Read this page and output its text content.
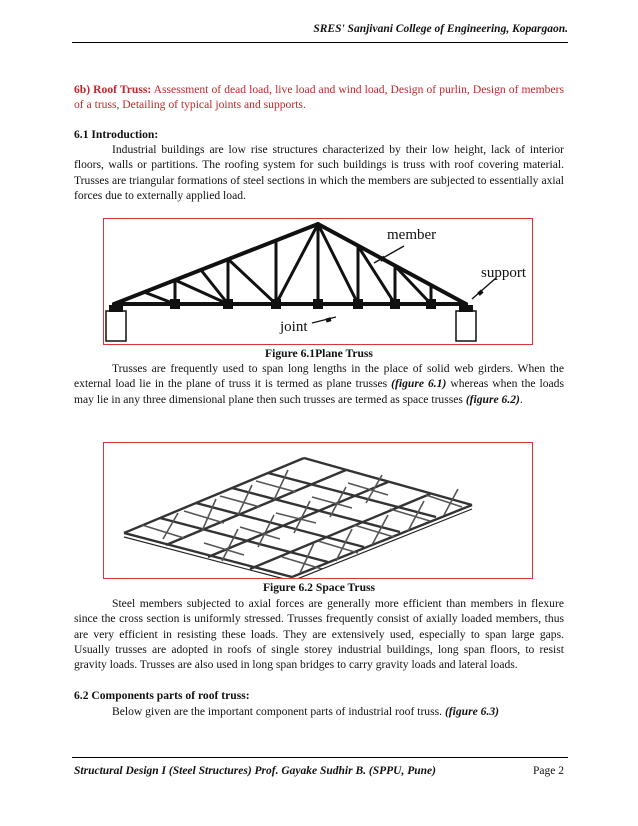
SRES' Sanjivani College of Engineering, Kopargaon.
6b) Roof Truss: Assessment of dead load, live load and wind load, Design of purlin, Design of members of a truss, Detailing of typical joints and supports.
6.1 Introduction:
Industrial buildings are low rise structures characterized by their low height, lack of interior floors, walls or partitions. The roofing system for such buildings is truss with roof covering material. Trusses are triangular formations of steel sections in which the members are subjected to essentially axial forces due to externally applied load.
member
support
joint
Figure 6.1Plane Truss
Trusses are frequently used to span long lengths in the place of solid web girders. When the external load lie in the plane of truss it is termed as plane trusses (figure 6.1) whereas when the loads may lie in any three dimensional plane then such trusses are termed as space trusses (figure 6.2).
Figure 6.2 Space Truss
Steel members subjected to axial forces are generally more efficient than members in flexure since the cross section is uniformly stressed. Trusses frequently consist of axially loaded members, thus are very efficient in resisting these loads. They are extensively used, especially to span large gaps. Usually trusses are adopted in roofs of single storey industrial buildings, long span floors, to resist gravity loads. Trusses are also used in long span bridges to carry gravity loads and lateral loads.
6.2 Components parts of roof truss:
Below given are the important component parts of industrial roof truss. (figure 6.3)
Structural Design I (Steel Structures) Prof. Gayake Sudhir B. (SPPU, Pune)	Page 2
